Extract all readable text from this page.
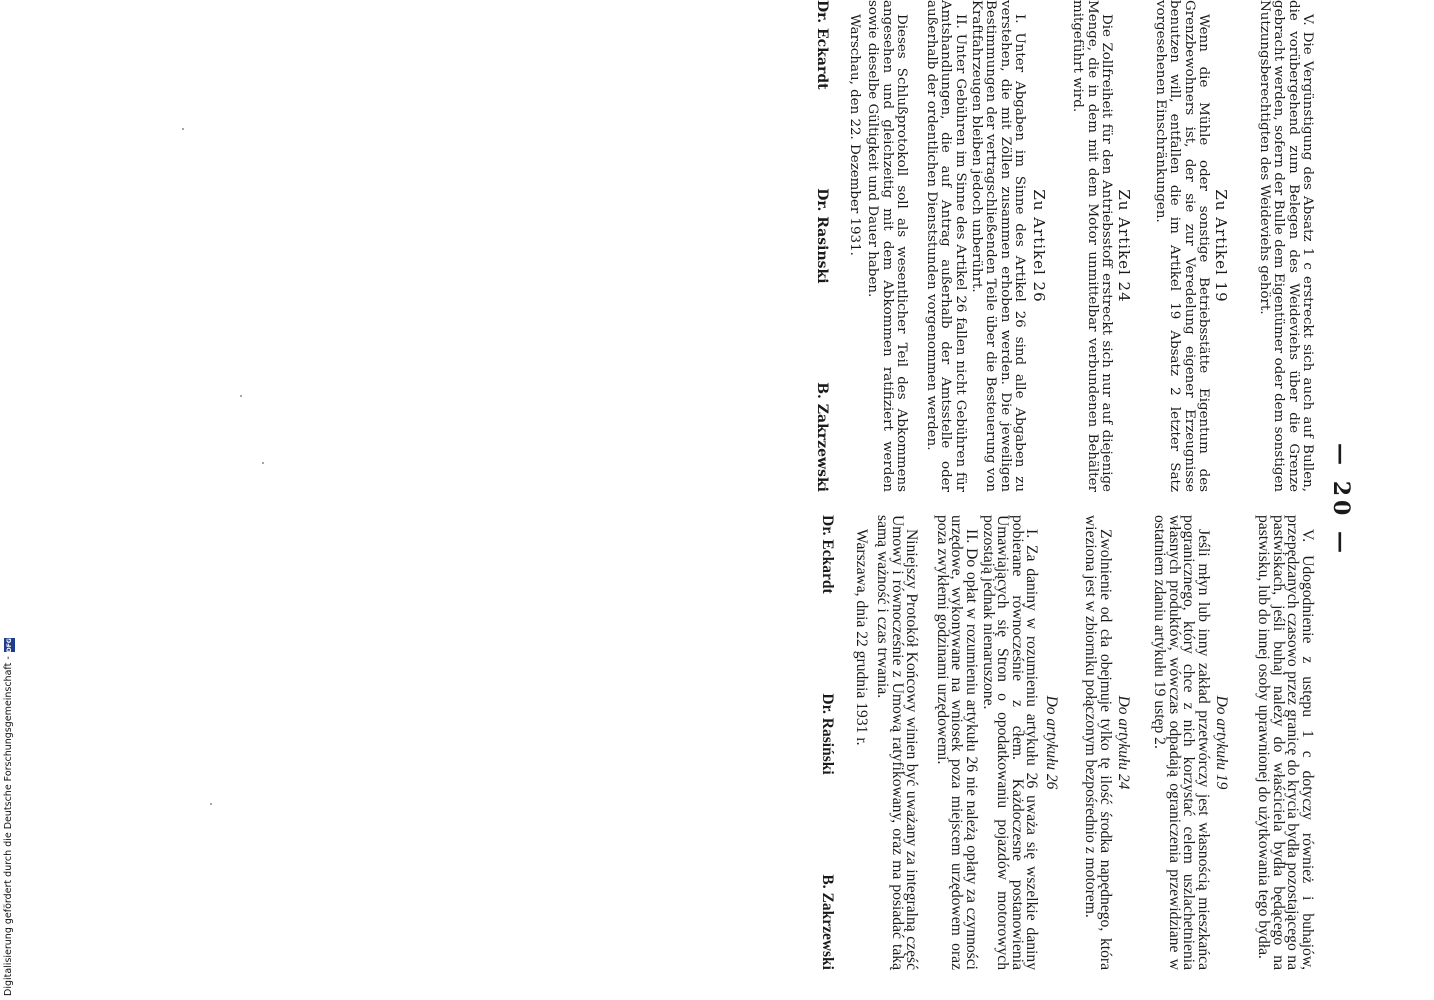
— 20 —

V. Die Vergünstigung des Absatz 1 c erstreckt sich auch auf Bullen, die vorübergehend zum Belegen des Weideviehs über die Grenze gebracht werden, sofern der Bulle dem Eigentümer oder dem sonstigen Nutzungsberechtigten des Weideviehs gehört.

Zu Artikel 19

Wenn die Mühle oder sonstige Betriebsstätte Eigentum des Grenzbewohners ist, der sie zur Veredelung eigener Erzeugnisse benutzen will, entfallen die im Artikel 19 Absatz 2 letzter Satz vorgesehenen Einschränkungen.

Zu Artikel 24

Die Zollfreiheit für den Antriebsstoff erstreckt sich nur auf diejenige Menge, die in dem mit dem Motor unmittelbar verbundenen Behälter mitgeführt wird.

Zu Artikel 26

I. Unter Abgaben im Sinne des Artikel 26 sind alle Abgaben zu verstehen, die mit Zöllen zusammen erhoben werden. Die jeweiligen Bestimmungen der vertragschließenden Teile über die Besteuerung von Kraftfahrzeugen bleiben jedoch unberührt.

II. Unter Gebühren im Sinne des Artikel 26 fallen nicht Gebühren für Amtshandlungen, die auf Antrag außerhalb der Amtsstelle oder außerhalb der ordentlichen Dienststunden vorgenommen werden.

Dieses Schlußprotokoll soll als wesentlicher Teil des Abkommens angesehen und gleichzeitig mit dem Abkommen ratifiziert werden sowie dieselbe Gültigkeit und Dauer haben.

Warschau, den 22. Dezember 1931.

Dr. Eckardt
Dr. Rasinski
B. Zakrzewski

V. Udogodnienie z ustępu 1 c dotyczy również i buhajów, przepędzanych czasowo przez granicę do krycia bydła pozostającego na pastwiskach, jeśli buhaj należy do właściciela bydła będącego na pastwisku, lub do innej osoby uprawnionej do użytkowania tego bydła.

Do artykułu 19

Jeśli młyn lub inny zakład przetwórczy jest własnością mieszkańca pogranicznego, który chce z nich korzystać celem uszlachetnienia własnych produktów, wówczas odpadają ograniczenia przewidziane w ostatniem zdaniu artykułu 19 ustęp 2.

Do artykułu 24

Zwolnienie od cła obejmuje tylko tę ilość środka napędnego, która wieziona jest w zbiorniku połączonym bezpośrednio z motorem.

Do artykułu 26

I. Za daniny w rozumieniu artykułu 26 uważa się wszelkie daniny pobierane równocześnie z cłem. Każdoczesne postanowienia Umawiających się Stron o opodatkowaniu pojazdów motorowych pozostają jednak nienaruszone.

II. Do opłat w rozumieniu artykułu 26 nie należą opłaty za czynności urzędowe, wykonywane na wniosek poza miejscem urzędowem oraz poza zwykłemi godzinami urzędowemi.

Niniejszy Protokół Końcowy winien być uważany za integralną część Umowy i równocześnie z Umową ratyfikowany, oraz ma posiadać taką samą ważność i czas trwania.

Warszawa, dnia 22 grudnia 1931 r.

Dr. Eckardt
Dr. Rasiński
B. Zakrzewski
Digitalisierung gefördert durch die Deutsche Forschungsgemeinschaft -
DFG
